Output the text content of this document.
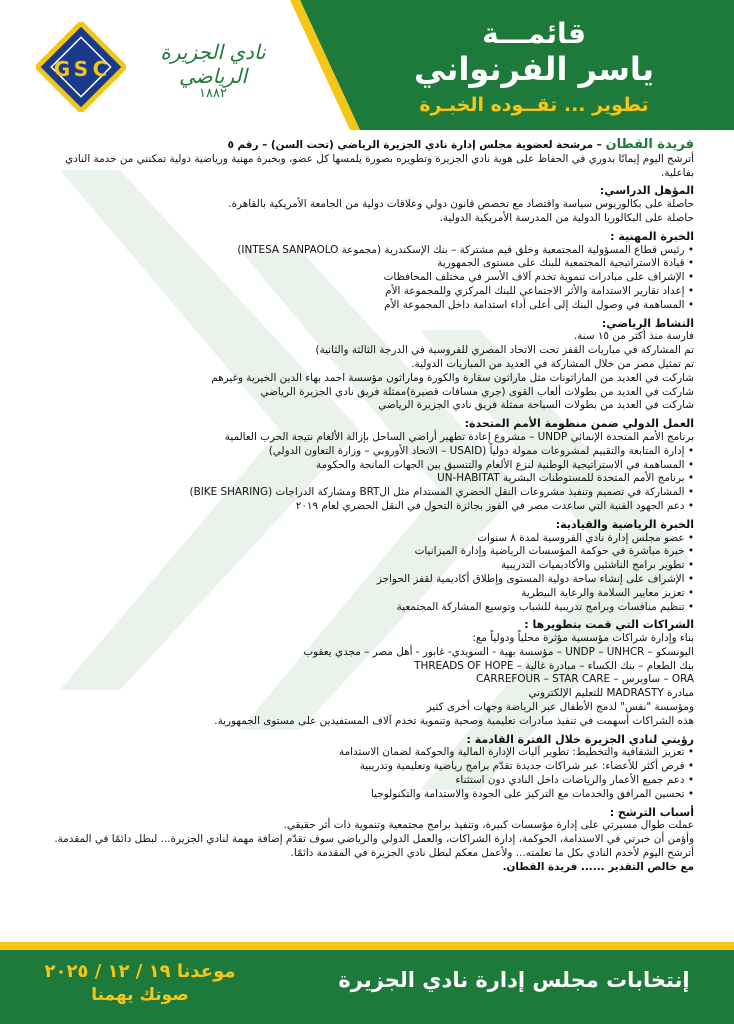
قائمـــة
ياسر الفرنواني
تطوير ... تقــوده الخبـرة
G S C
نادي الجزيرة الرياضي
١٨٨٢

فريدة القطان – مرشحة لعضوية مجلس إدارة نادي الجزيرة الرياضي (تحت السن) – رقم ٥

أترشح اليوم إيمانًا بدوري في الحفاظ على هوية نادي الجزيرة وتطويره بصورة يلمسها كل عضو، وبخبرة مهنية ورياضية دولية تمكنني من خدمة النادي بفاعلية.

المؤهل الدراسي:

حاصلة على بكالوريوس سياسة واقتصاد مع تخصص قانون دولي وعلاقات دولية من الجامعة الأمريكية بالقاهرة.

حاصلة على البكالوريا الدولية من المدرسة الأمريكية الدولية.

الخبرة المهنية :

• رئيس قطاع المسؤولية المجتمعية وخلق قيم مشتركة – بنك الإسكندرية (مجموعة INTESA SANPAOLO)

• قيادة الاستراتيجية المجتمعية للبنك على مستوى الجمهورية

• الإشراف على مبادرات تنموية تخدم آلاف الأسر في مختلف المحافظات

• إعداد تقارير الاستدامة والأثر الاجتماعي للبنك المركزي وللمجموعة الأم

• المساهمة في وصول البنك إلى أعلى أداء استدامة داخل المجموعة الأم

النشاط الرياضي:

فارسة منذ أكثر من ١٥ سنة.

تم المشاركة في مباريات القفز تحت الاتحاد المصري للفروسية في الدرجة الثالثة والثانية)

تم تمثيل مصر من خلال المشاركة في العديد من المباريات الدولية.

شاركت في العديد من الماراثونات مثل ماراثون سقارة والكورة وماراثون مؤسسة احمد بهاء الدين الخيرية وغيرهم

شاركت في العديد من بطولات ألعاب القوى (جري مسافات قصيرة)ممثلة فريق نادي الجزيرة الرياضي

شاركت في العديد من بطولات السباحة ممثلة فريق نادي الجزيرة الرياضي

العمل الدولي ضمن منظومة الأمم المتحدة:

برنامج الأمم المتحدة الإنمائي UNDP – مشروع إعادة تطهير أراضي الساحل بإزالة الألغام نتيجة الحرب العالمية

• إدارة المتابعة والتقييم لمشروعات ممولة دولياً (USAID – الاتحاد الأوروبي – وزارة التعاون الدولي)

• المساهمة في الاستراتيجية الوطنية لنزع الألغام والتنسيق بين الجهات المانحة والحكومة

• برنامج الأمم المتحدة للمستوطنات البشرية UN-HABITAT

• المشاركة في تصميم وتنفيذ مشروعات النقل الحضري المستدام مثل الBRT ومشاركة الدراجات (BIKE SHARING)

• دعم الجهود الفنية التي ساعدت مصر في الفوز بجائزة التحول في النقل الحضري لعام ٢٠١٩

الخبرة الرياضية والقيادية:

• عضو مجلس إدارة نادي الفروسية لمدة ٨ سنوات

• خبرة مباشرة في حوكمة المؤسسات الرياضية وإدارة الميزانيات

• تطوير برامج الناشئين والأكاديميات التدريبية

• الإشراف على إنشاء ساحة دولية المستوى وإطلاق أكاديمية لقفز الحواجز

• تعزيز معايير السلامة والرعاية البيطرية

• تنظيم منافسات وبرامج تدريبية للشباب وتوسيع المشاركة المجتمعية

الشراكات التي قمت بتطويرها :

بناء وإدارة شراكات مؤسسية مؤثرة محلياً ودولياً مع:

اليونسكو – UNDP – UNHCR – مؤسسة بهية - السويدي- غابور - أهل مصر – مجدي يعقوب

بنك الطعام – بنك الكساء – مبادرة غالية – THREADS OF HOPE

ORA – ساويرس – CARREFOUR – STAR CARE

مبادرة MADRASTY للتعليم الإلكتروني

ومؤسسة "نفس" لدمج الأطفال عبر الرياضة وجهات أخرى كثير

هذه الشراكات أسهمت في تنفيذ مبادرات تعليمية وصحية وتنموية تخدم آلاف المستفيدين على مستوى الجمهورية.

رؤيتي لنادي الجزيرة خلال الفترة القادمة :

• تعزيز الشفافية والتخطيط: تطوير آليات الإدارة المالية والحوكمة لضمان الاستدامة

• فرص أكثر للأعضاء: عبر شراكات جديدة تقدّم برامج رياضية وتعليمية وتدريبية

• دعم جميع الأعمار والرياضات داخل النادي دون استثناء

• تحسين المرافق والخدمات مع التركيز على الجودة والاستدامة والتكنولوجيا

أسباب الترشح :

عملت طوال مسيرتي على إدارة مؤسسات كبيرة، وتنفيذ برامج مجتمعية وتنموية ذات أثر حقيقي.

وأؤمن أن خبرتي في الاستدامة، الحوكمة، إدارة الشراكات، والعمل الدولي والرياضي سوف تقدّم إضافة مهمة لنادي الجزيرة... لبطل دائمًا في المقدمة.

أترشح اليوم لأخدم النادي بكل ما تعلمته... ولأعمل معكم لبطل نادي الجزيرة في المقدمة دائمًا.

مع خالص التقدير ...... فريدة القطان.

إنتخابات مجلس إدارة نادي الجزيرة
موعدنا ١٩ / ١٢ / ٢٠٢٥
صوتك يهمنا
